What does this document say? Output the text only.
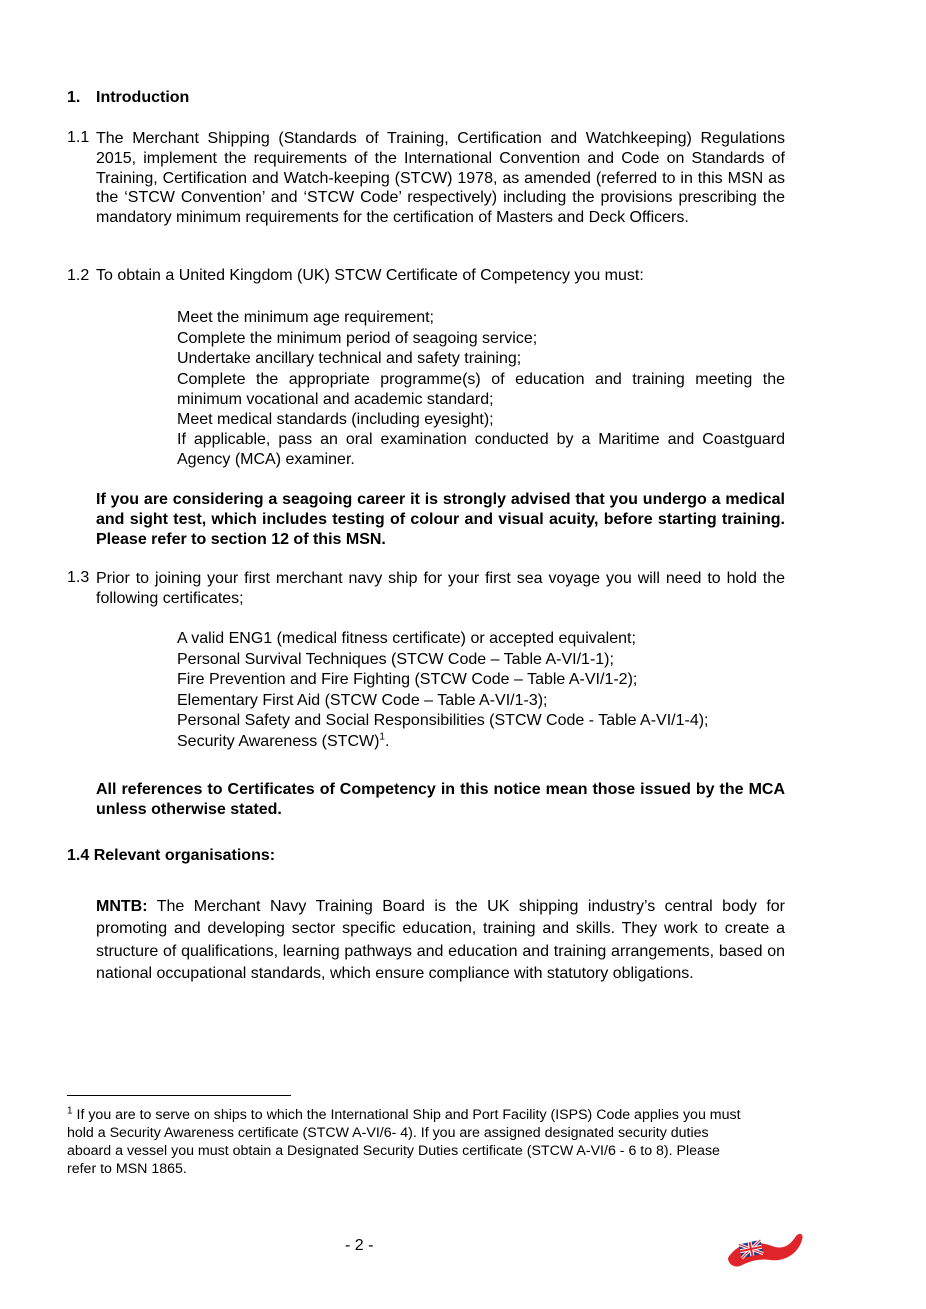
1. Introduction
1.1 The Merchant Shipping (Standards of Training, Certification and Watchkeeping) Regulations 2015, implement the requirements of the International Convention and Code on Standards of Training, Certification and Watch-keeping (STCW) 1978, as amended (referred to in this MSN as the ‘STCW Convention’ and ‘STCW Code’ respectively) including the provisions prescribing the mandatory minimum requirements for the certification of Masters and Deck Officers.
1.2 To obtain a United Kingdom (UK) STCW Certificate of Competency you must:

Meet the minimum age requirement;

Complete the minimum period of seagoing service;

Undertake ancillary technical and safety training;

Complete the appropriate programme(s) of education and training meeting the minimum vocational and academic standard;

Meet medical standards (including eyesight);

If applicable, pass an oral examination conducted by a Maritime and Coastguard Agency (MCA) examiner.

If you are considering a seagoing career it is strongly advised that you undergo a medical and sight test, which includes testing of colour and visual acuity, before starting training. Please refer to section 12 of this MSN.
1.3 Prior to joining your first merchant navy ship for your first sea voyage you will need to hold the following certificates;

A valid ENG1 (medical fitness certificate) or accepted equivalent;

Personal Survival Techniques (STCW Code – Table A-VI/1-1);

Fire Prevention and Fire Fighting (STCW Code – Table A-VI/1-2);

Elementary First Aid (STCW Code – Table A-VI/1-3);

Personal Safety and Social Responsibilities (STCW Code - Table A-VI/1-4);

Security Awareness (STCW)$^1$.

All references to Certificates of Competency in this notice mean those issued by the MCA unless otherwise stated.
1.4 Relevant organisations:
MNTB: The Merchant Navy Training Board is the UK shipping industry’s central body for promoting and developing sector specific education, training and skills. They work to create a structure of qualifications, learning pathways and education and training arrangements, based on national occupational standards, which ensure compliance with statutory obligations.
$^1$ If you are to serve on ships to which the International Ship and Port Facility (ISPS) Code applies you must hold a Security Awareness certificate (STCW A-VI/6- 4). If you are assigned designated security duties aboard a vessel you must obtain a Designated Security Duties certificate (STCW A-VI/6 - 6 to 8). Please refer to MSN 1865.
- 2 -
